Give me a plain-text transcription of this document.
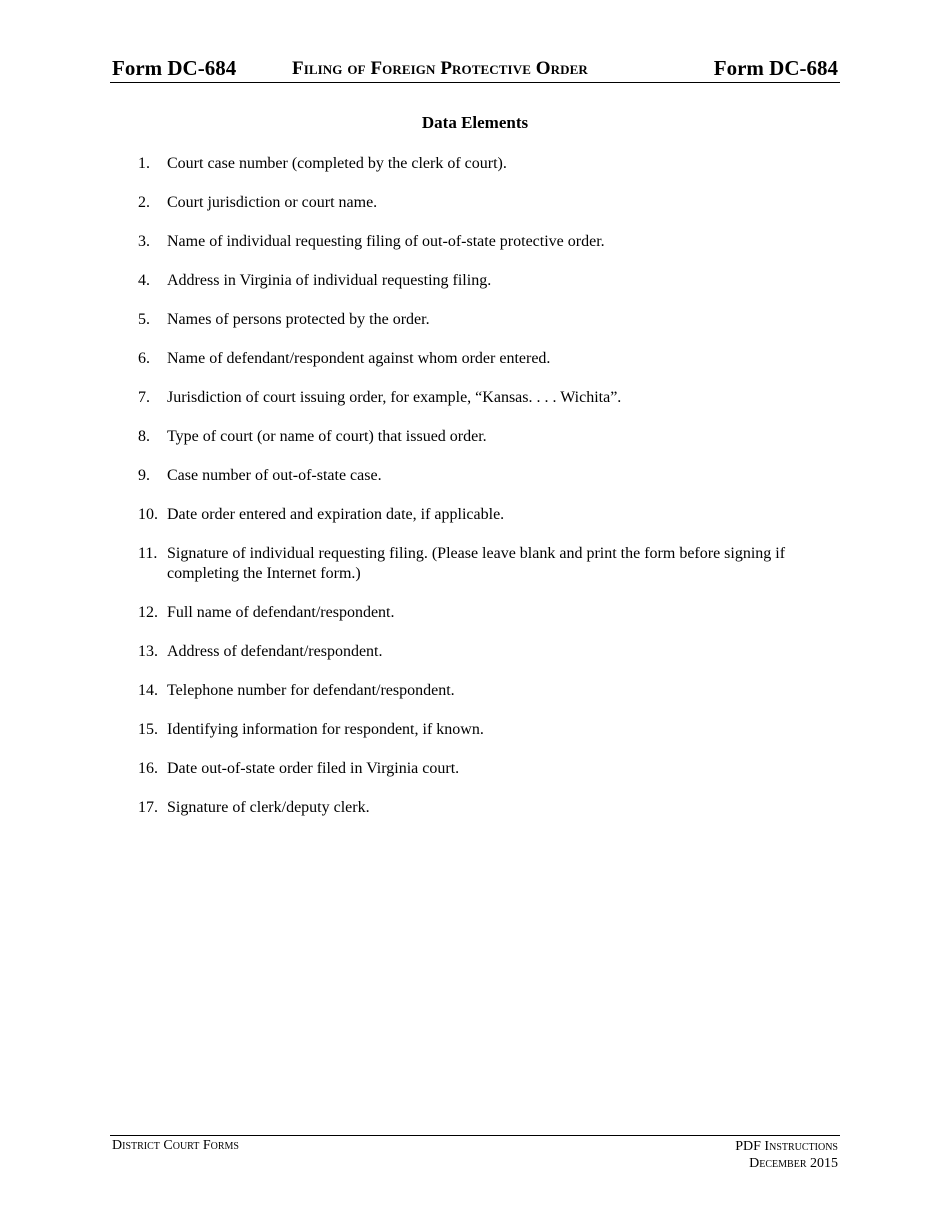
Form DC-684	Filing of Foreign Protective Order	Form DC-684
Data Elements
1.	Court case number (completed by the clerk of court).
2.	Court jurisdiction or court name.
3.	Name of individual requesting filing of out-of-state protective order.
4.	Address in Virginia of individual requesting filing.
5.	Names of persons protected by the order.
6.	Name of defendant/respondent against whom order entered.
7.	Jurisdiction of court issuing order, for example, “Kansas. . . . Wichita”.
8.	Type of court (or name of court) that issued order.
9.	Case number of out-of-state case.
10. Date order entered and expiration date, if applicable.
11. Signature of individual requesting filing. (Please leave blank and print the form before signing if completing the Internet form.)
12. Full name of defendant/respondent.
13. Address of defendant/respondent.
14. Telephone number for defendant/respondent.
15. Identifying information for respondent, if known.
16. Date out-of-state order filed in Virginia court.
17. Signature of clerk/deputy clerk.
District Court Forms	PDF Instructions
December 2015
